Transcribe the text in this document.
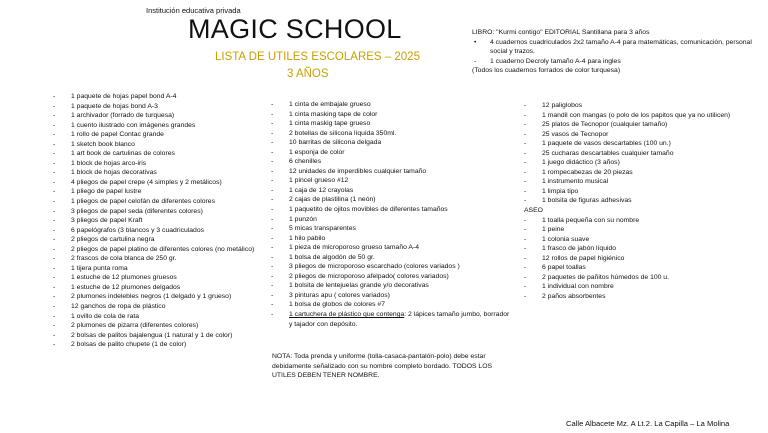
Institución educativa privada
MAGIC SCHOOL
LISTA DE UTILES ESCOLARES – 2025
3 AÑOS
LIBRO: "Kurmi contigo" EDITORIAL Santillana para 3 años
• 4 cuadernos cuadriculados 2x2 tamaño A-4 para matemáticas, comunicación, personal social y trazos.
- 1 cuaderno Decroly tamaño A-4 para ingles
(Todos los cuadernos forrados de color turquesa)
- 1 paquete de hojas papel bond A-4
- 1 paquete de hojas bond A-3
- 1 archivador (forrado de turquesa)
- 1 cuento ilustrado con imágenes grandes
- 1 rollo de papel Contac grande
- 1 sketch book blanco
- 1 art book de cartulinas de colores
- 1 block de hojas arco-iris
- 1 block de hojas decorativas
- 4 pliegos de papel crepe (4 simples y 2 metálicos)
- 1 pliego de papel lustre
- 1 pliegos de papel celofán de diferentes colores
- 3 pliegos de papel seda (diferentes colores)
- 3 pliegos de papel Kraft
- 6 papelógrafos (3 blancos y 3 cuadriculados
- 2 pliegos de cartulina negra
- 2 pliegos de papel platino de diferentes colores (no metálico)
- 2 frascos de cola blanca de 250 gr.
- 1 tijera punta roma
- 1 estuche de 12 plumones gruesos
- 1 estuche de 12 plumones delgados
- 2 plumones indelebles negros (1 delgado y 1 grueso)
- 12 ganchos de ropa de plástico
- 1 ovillo de cola de rata
- 2 plumones de pizarra (diferentes colores)
- 2 bolsas de palitos bajalengua (1 natural y 1 de color)
- 2 bolsas de palito chupete (1 de color)
- 1 cinta de embajale grueso
- 1 cinta masking tape de color
- 1 cinta maskig tape grueso
- 2 botellas de silicona líquida 350ml.
- 10 barritas de silicona delgada
- 1 esponja de color
- 6 chenilles
- 12 unidades de imperdibles cualquier tamaño
- 1 pincel grueso #12
- 1 caja de 12 crayolas
- 2 cajas de plastilina (1 neón)
- 1 paquetito de ojitos movibles de diferentes tamaños
- 1 punzón
- 5 micas transparentes
- 1 hilo pabilo
- 1 pieza de microporoso grueso tamaño A-4
- 1 bolsa de algodón de 50 gr.
- 3 pliegos de microporoso escarchado (colores variados )
- 2 pliegos de microporoso afelpado( colores variados)
- 1 bolsita de lentejuelas grande y/o decorativas
- 3 pinturas apu ( colores variados)
- 1 bolsa de globos de colores #7
- 1 cartuchera de plástico que contenga: 2 lápices tamaño jumbo, borrador y tajador con depósito.
- 12 paliglobos
- 1 mandil con mangas (o polo de los papitos que ya no utilicen)
- 25 platos de Tecnopor (cualquier tamaño)
- 25 vasos de Tecnopor
- 1 paquete de vasos descartables (100 un.)
- 25 cucharas descartables cualquier tamaño
- 1 juego didáctico (3 años)
- 1 rompecabezas de 20 piezas
- 1 instrumento musical
- 1 limpia tipo
- 1 bolsita de figuras adhesivas
ASEO
- 1 toalla pequeña con su nombre
- 1 peine
- 1 colonia suave
- 1 frasco de jabón líquido
- 12 rollos de papel higiénico
- 6 papel toallas
- 2 paquetes de pañitos húmedos de 100 u.
- 1 individual con nombre
- 2 paños absorbentes
NOTA: Toda prenda y uniforme (tolla-casaca-pantalón-polo) debe estar debidamente señalizado con su nombre completo bordado. TODOS LOS UTILES DEBEN TENER NOMBRE.
Calle Albacete Mz. A Lt.2. La Capilla – La Molina
